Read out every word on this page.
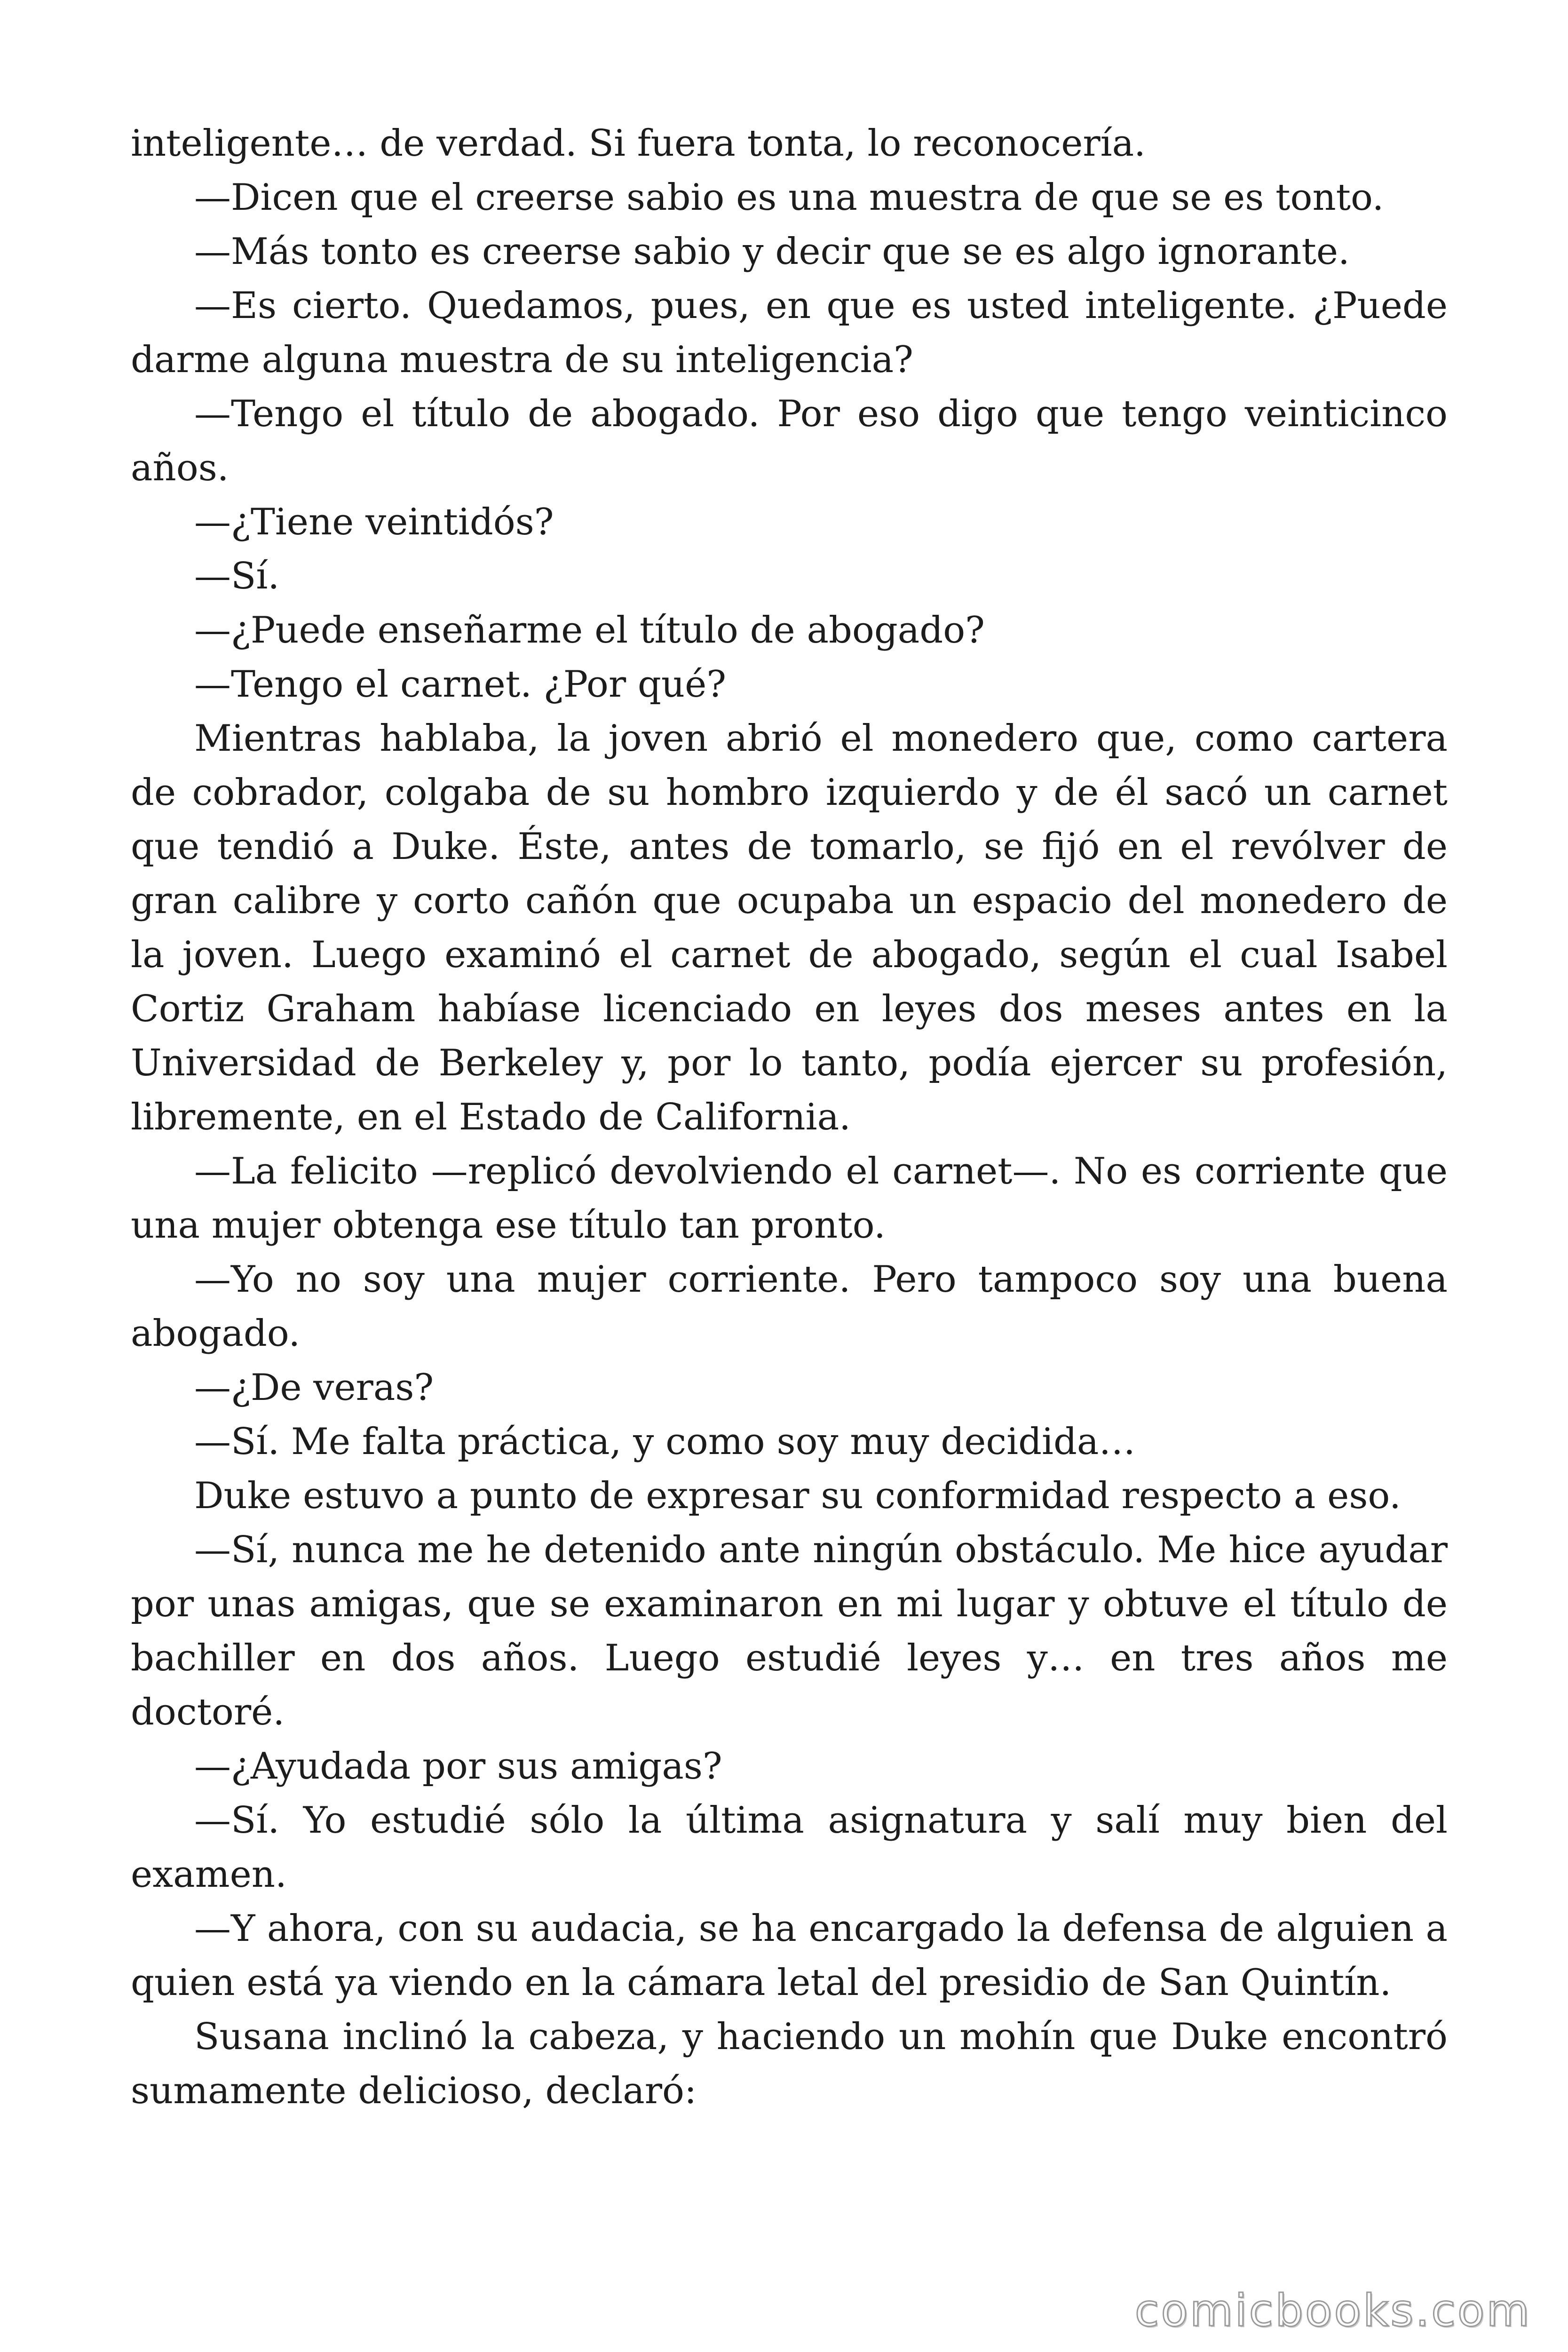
inteligente… de verdad. Si fuera tonta, lo reconocería.

—Dicen que el creerse sabio es una muestra de que se es tonto.

—Más tonto es creerse sabio y decir que se es algo ignorante.

—Es cierto. Quedamos, pues, en que es usted inteligente. ¿Puede darme alguna muestra de su inteligencia?

—Tengo el título de abogado. Por eso digo que tengo veinticinco años.

—¿Tiene veintidós?

—Sí.

—¿Puede enseñarme el título de abogado?

—Tengo el carnet. ¿Por qué?

Mientras hablaba, la joven abrió el monedero que, como cartera de cobrador, colgaba de su hombro izquierdo y de él sacó un carnet que tendió a Duke. Éste, antes de tomarlo, se fijó en el revólver de gran calibre y corto cañón que ocupaba un espacio del monedero de la joven. Luego examinó el carnet de abogado, según el cual Isabel Cortiz Graham habíase licenciado en leyes dos meses antes en la Universidad de Berkeley y, por lo tanto, podía ejercer su profesión, libremente, en el Estado de California.

—La felicito —replicó devolviendo el carnet—. No es corriente que una mujer obtenga ese título tan pronto.

—Yo no soy una mujer corriente. Pero tampoco soy una buena abogado.

—¿De veras?

—Sí. Me falta práctica, y como soy muy decidida…

Duke estuvo a punto de expresar su conformidad respecto a eso.

—Sí, nunca me he detenido ante ningún obstáculo. Me hice ayudar por unas amigas, que se examinaron en mi lugar y obtuve el título de bachiller en dos años. Luego estudié leyes y… en tres años me doctoré.

—¿Ayudada por sus amigas?

—Sí. Yo estudié sólo la última asignatura y salí muy bien del examen.

—Y ahora, con su audacia, se ha encargado la defensa de alguien a quien está ya viendo en la cámara letal del presidio de San Quintín.

Susana inclinó la cabeza, y haciendo un mohín que Duke encontró sumamente delicioso, declaró:

comicbooks.com
